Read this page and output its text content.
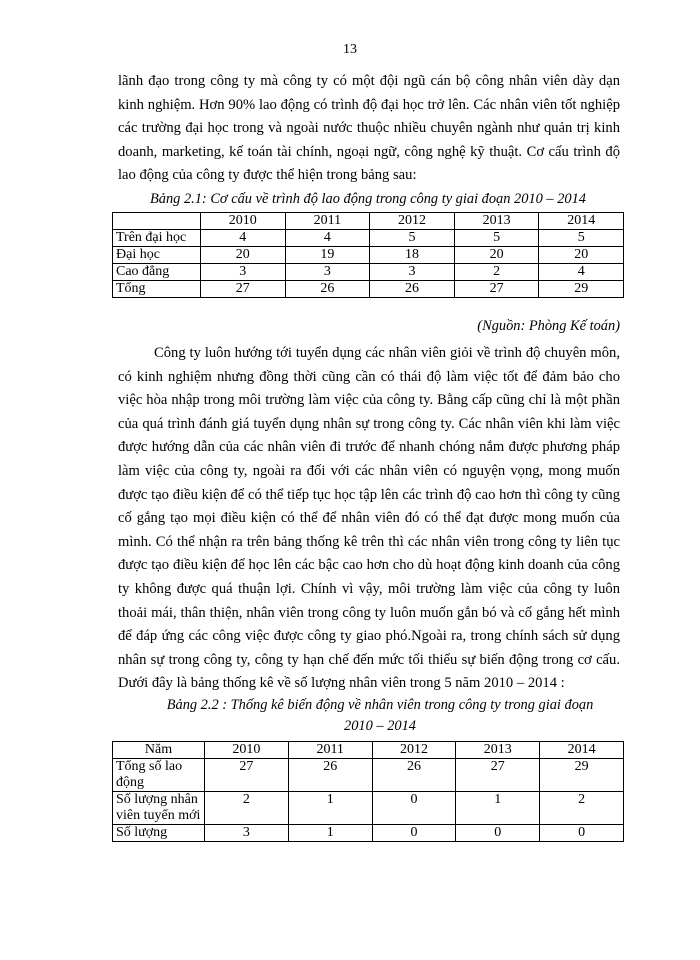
13

lãnh đạo trong công ty mà công ty có một đội ngũ cán bộ công nhân viên dày dạn kinh nghiệm. Hơn 90% lao động có trình độ đại học trở lên. Các nhân viên tốt nghiệp các trường đại học trong và ngoài nước thuộc nhiều chuyên ngành như quản trị kinh doanh, marketing, kế toán tài chính, ngoại ngữ, công nghệ kỹ thuật. Cơ cấu trình độ lao động của công ty được thể hiện trong bảng sau:

Bảng 2.1: Cơ cấu về trình độ lao động trong công ty giai đoạn 2010 – 2014

	2010	2011	2012	2013	2014
Trên đại học	4	4	5	5	5
Đại học	20	19	18	20	20
Cao đẳng	3	3	3	2	4
Tổng	27	26	26	27	29
(Nguồn: Phòng Kế toán)

Công ty luôn hướng tới tuyển dụng các nhân viên giỏi về trình độ chuyên môn, có kinh nghiệm nhưng đồng thời cũng cần có thái độ làm việc tốt để đảm bảo cho việc hòa nhập trong môi trường làm việc của công ty. Bằng cấp cũng chỉ là một phần của quá trình đánh giá tuyển dụng nhân sự trong công ty. Các nhân viên khi làm việc được hướng dẫn của các nhân viên đi trước để nhanh chóng nắm được phương pháp làm việc của công ty, ngoài ra đối với các nhân viên có nguyện vọng, mong muốn được tạo điều kiện để có thể tiếp tục học tập lên các trình độ cao hơn thì công ty cũng cố gắng tạo mọi điều kiện có thể để nhân viên đó có thể đạt được mong muốn của mình. Có thể nhận ra trên bảng thống kê trên thì các nhân viên trong công ty liên tục được tạo điều kiện để học lên các bậc cao hơn cho dù hoạt động kinh doanh của công ty không được quá thuận lợi. Chính vì vậy, môi trường làm việc của công ty luôn thoải mái, thân thiện, nhân viên trong công ty luôn muốn gắn bó và cố gắng hết mình để đáp ứng các công việc được công ty giao phó.Ngoài ra, trong chính sách sử dụng nhân sự trong công ty, công ty hạn chế đến mức tối thiểu sự biến động trong cơ cấu. Dưới đây là bảng thống kê về số lượng nhân viên trong 5 năm 2010 – 2014 :

Bảng 2.2 : Thống kê biến động về nhân viên trong công ty trong giai đoạn

2010 – 2014

Năm	2010	2011	2012	2013	2014
Tổng số lao động	27	26	26	27	29
Số lượng nhân viên tuyển mới	2	1	0	1	2
Số lượng	3	1	0	0	0
